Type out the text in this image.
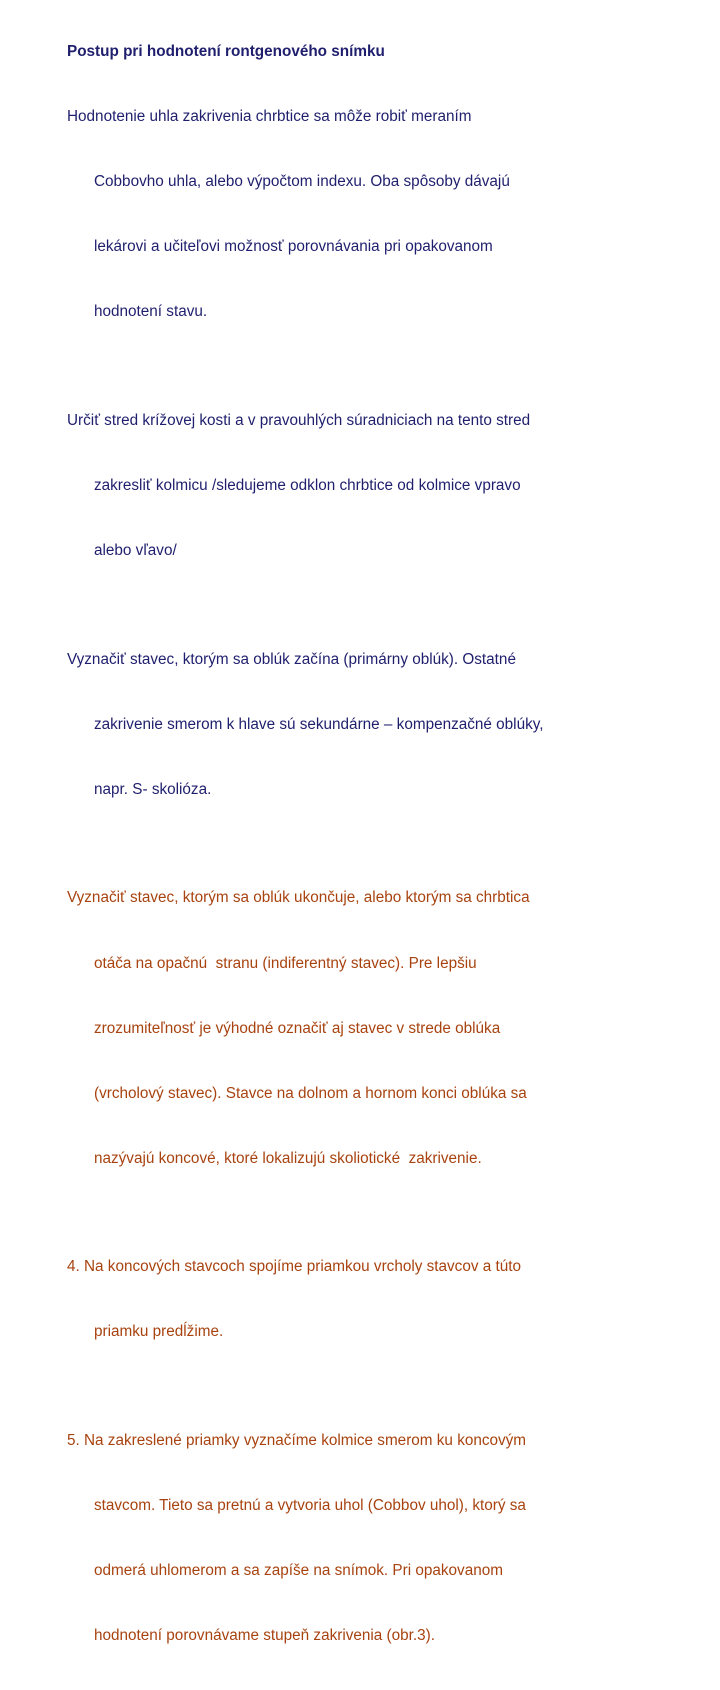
Postup pri hodnotení rontgenového snímku

Hodnotenie uhla zakrivenia chrbtice sa môže robiť meraním

Cobbovho uhla, alebo výpočtom indexu. Oba spôsoby dávajú

lekárovi a učiteľovi možnosť porovnávania pri opakovanom

hodnotení stavu.

Určiť stred krížovej kosti a v pravouhlých súradniciach na tento stred

zakresliť kolmicu /sledujeme odklon chrbtice od kolmice vpravo

alebo vľavo/

Vyznačiť stavec, ktorým sa oblúk začína (primárny oblúk). Ostatné

zakrivenie smerom k hlave sú sekundárne – kompenzačné oblúky,

napr. S- skolióza.

Vyznačiť stavec, ktorým sa oblúk ukončuje, alebo ktorým sa chrbtica

otáča na opačnú  stranu (indiferentný stavec). Pre lepšiu

zrozumiteľnosť je výhodné označiť aj stavec v strede oblúka

(vrcholový stavec). Stavce na dolnom a hornom konci oblúka sa

nazývajú koncové, ktoré lokalizujú skoliotické  zakrivenie.

4. Na koncových stavcoch spojíme priamkou vrcholy stavcov a túto

priamku predĺžime.

5. Na zakreslené priamky vyznačíme kolmice smerom ku koncovým

stavcom. Tieto sa pretnú a vytvoria uhol (Cobbov uhol), ktorý sa

odmerá uhlomerom a sa zapíše na snímok. Pri opakovanom

hodnotení porovnávame stupeň zakrivenia (obr.3).
